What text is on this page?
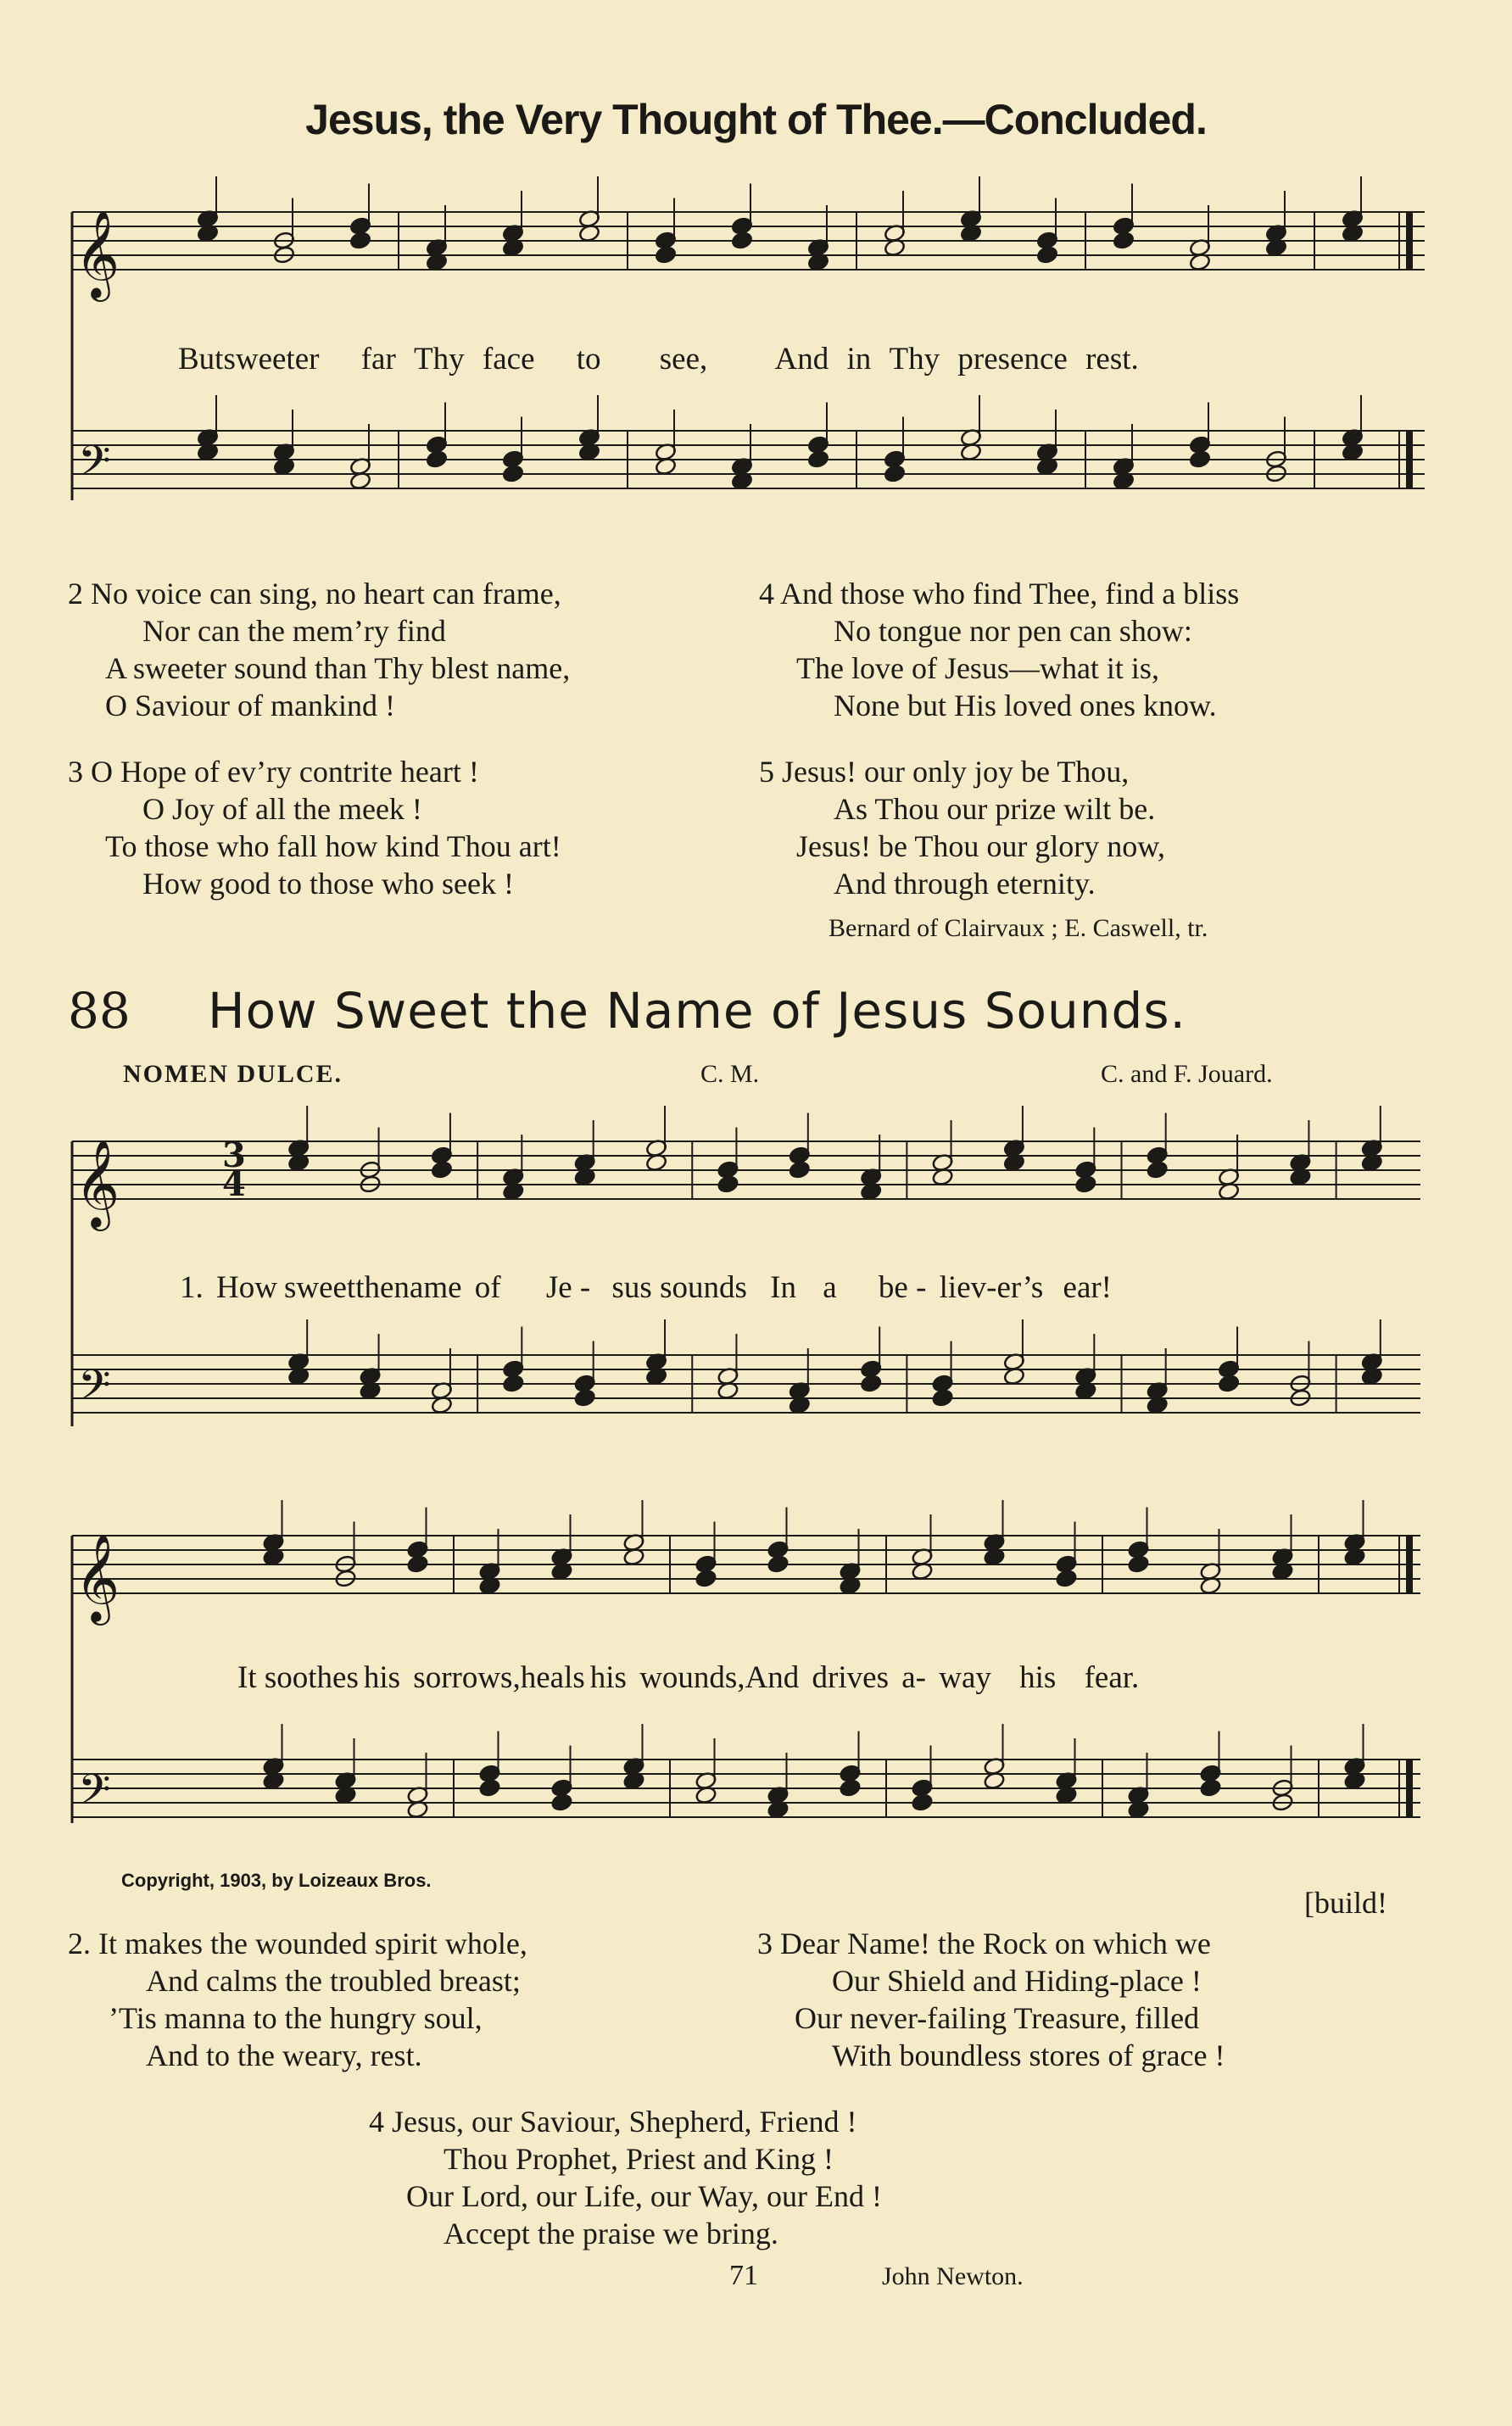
Jesus, the Very Thought of Thee.—Concluded.
𝄞
𝄢
𝄞	3
4
𝄢
𝄞
𝄢
Butsweeter far Thy face to see, And in Thy presence rest.
2 No voice can sing, no heart can frame,
Nor can the mem’ry find
A sweeter sound than Thy blest name,
O Saviour of mankind !
4 And those who find Thee, find a bliss
No tongue nor pen can show:
The love of Jesus—what it is,
None but His loved ones know.
3 O Hope of ev’ry contrite heart !
O Joy of all the meek !
To those who fall how kind Thou art!
How good to those who seek !
5 Jesus! our only joy be Thou,
As Thou our prize wilt be.
Jesus! be Thou our glory now,
And through eternity.
Bernard of Clairvaux ; E. Caswell, tr.
88 How Sweet the Name of Jesus Sounds.
NOMEN DULCE.	C. M.	C. and F. Jouard.
1. How sweetthename of Je - sus sounds In a be - liev-er’s ear!
It soothes his sorrows,heals his wounds,And drives a- way his fear.
Copyright, 1903, by Loizeaux Bros.
[build!
2. It makes the wounded spirit whole,
And calms the troubled breast;
’Tis manna to the hungry soul,
And to the weary, rest.
3 Dear Name! the Rock on which we
Our Shield and Hiding-place !
Our never-failing Treasure, filled
With boundless stores of grace !
4 Jesus, our Saviour, Shepherd, Friend !
Thou Prophet, Priest and King !
Our Lord, our Life, our Way, our End !
Accept the praise we bring.
71	John Newton.
